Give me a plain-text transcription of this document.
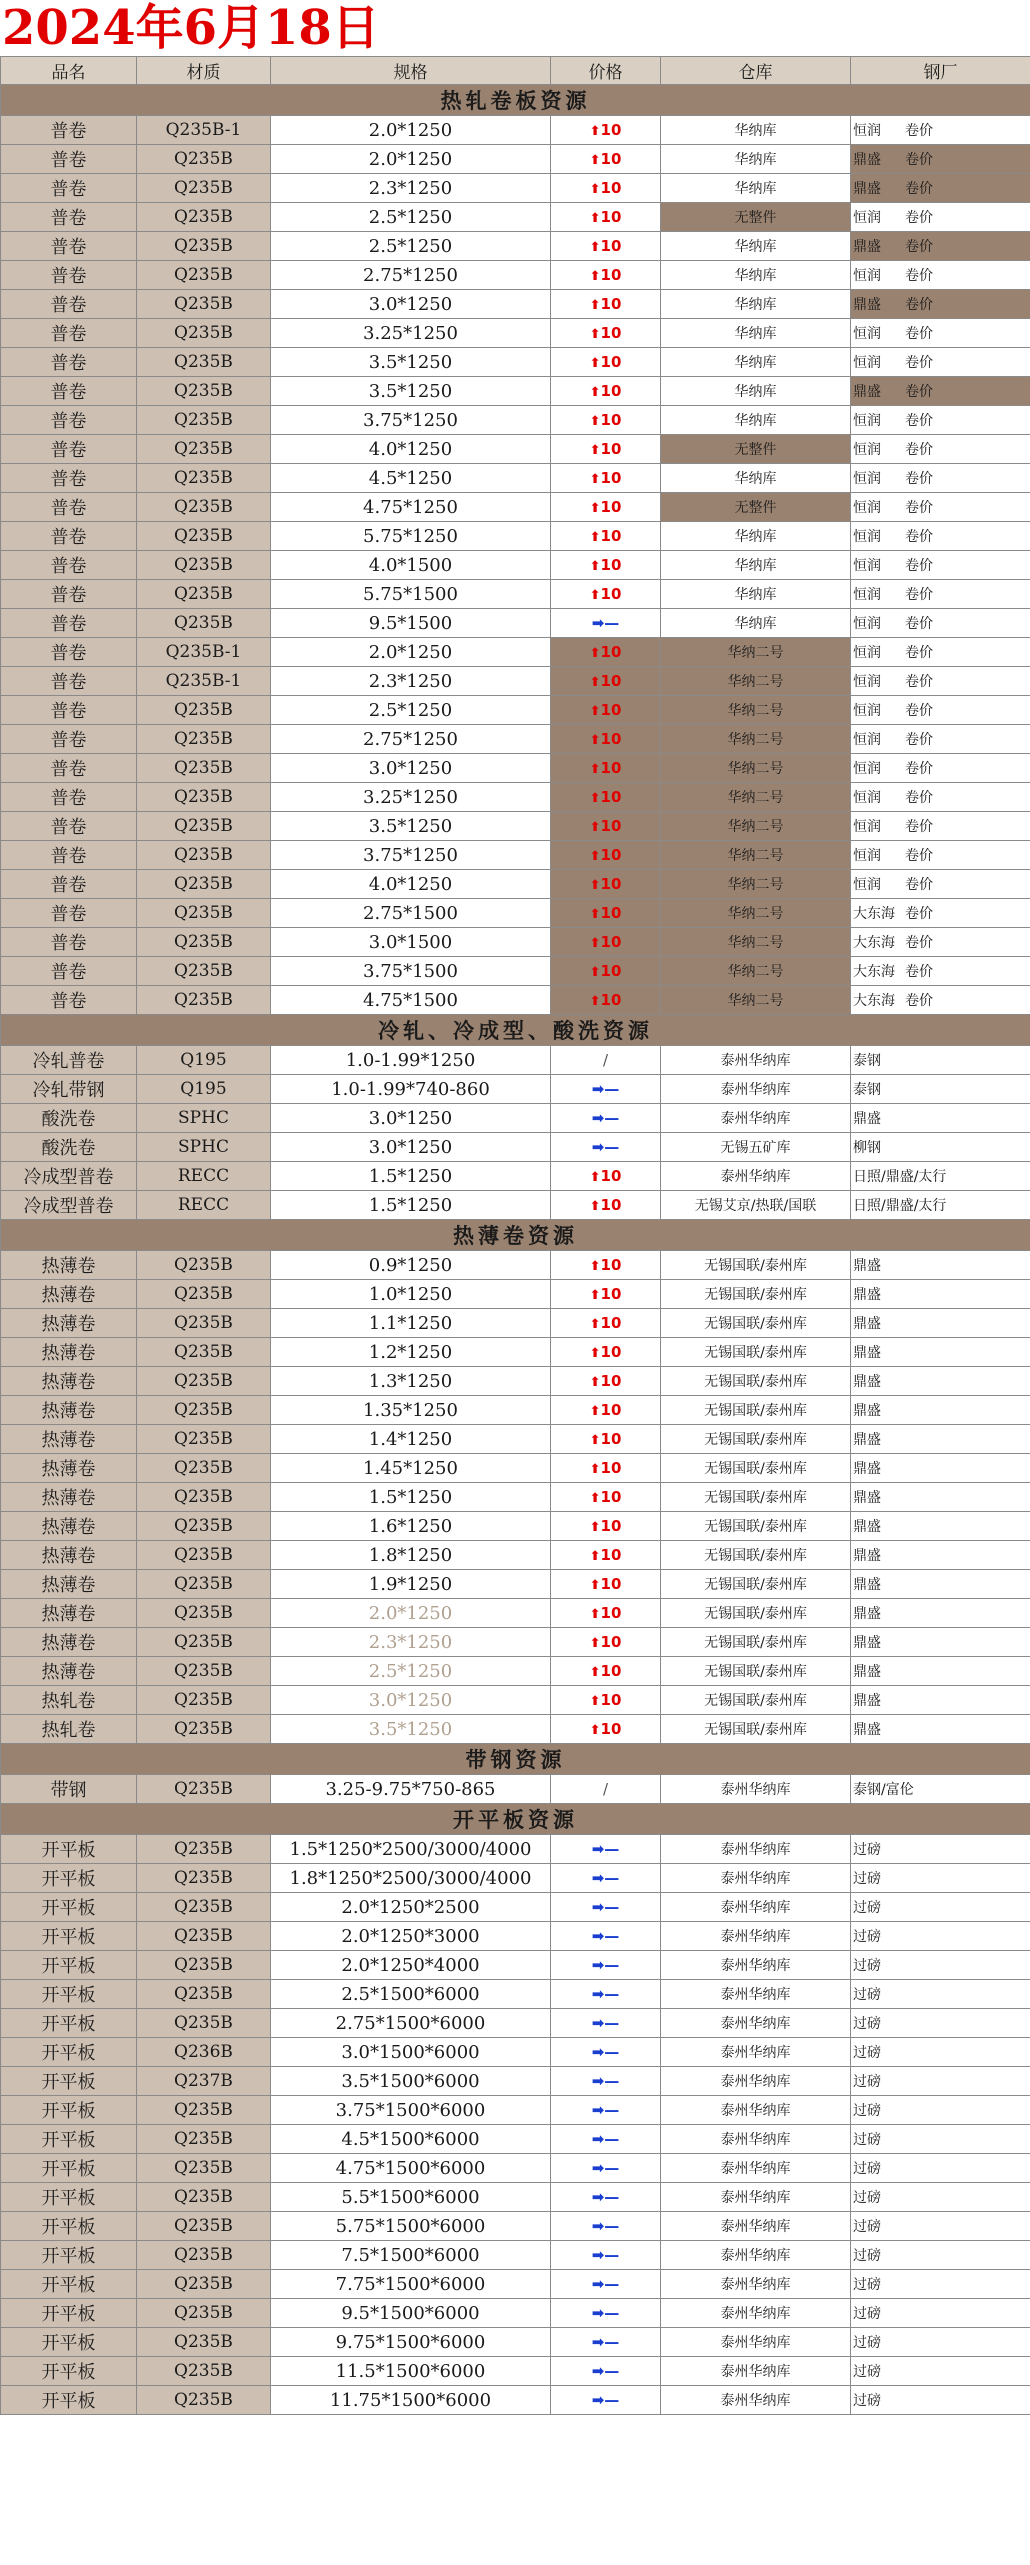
2024年6月18日
品名	材质	规格	价格	仓库	钢厂
热轧卷板资源					
普卷	Q235B-1	2.0*1250	⬆10	华纳库	恒润 卷价
普卷	Q235B	2.0*1250	⬆10	华纳库	鼎盛 卷价
普卷	Q235B	2.3*1250	⬆10	华纳库	鼎盛 卷价
普卷	Q235B	2.5*1250	⬆10	无整件	恒润 卷价
普卷	Q235B	2.5*1250	⬆10	华纳库	鼎盛 卷价
普卷	Q235B	2.75*1250	⬆10	华纳库	恒润 卷价
普卷	Q235B	3.0*1250	⬆10	华纳库	鼎盛 卷价
普卷	Q235B	3.25*1250	⬆10	华纳库	恒润 卷价
普卷	Q235B	3.5*1250	⬆10	华纳库	恒润 卷价
普卷	Q235B	3.5*1250	⬆10	华纳库	鼎盛 卷价
普卷	Q235B	3.75*1250	⬆10	华纳库	恒润 卷价
普卷	Q235B	4.0*1250	⬆10	无整件	恒润 卷价
普卷	Q235B	4.5*1250	⬆10	华纳库	恒润 卷价
普卷	Q235B	4.75*1250	⬆10	无整件	恒润 卷价
普卷	Q235B	5.75*1250	⬆10	华纳库	恒润 卷价
普卷	Q235B	4.0*1500	⬆10	华纳库	恒润 卷价
普卷	Q235B	5.75*1500	⬆10	华纳库	恒润 卷价
普卷	Q235B	9.5*1500	➡—	华纳库	恒润 卷价
普卷	Q235B-1	2.0*1250	⬆10	华纳二号	恒润 卷价
普卷	Q235B-1	2.3*1250	⬆10	华纳二号	恒润 卷价
普卷	Q235B	2.5*1250	⬆10	华纳二号	恒润 卷价
普卷	Q235B	2.75*1250	⬆10	华纳二号	恒润 卷价
普卷	Q235B	3.0*1250	⬆10	华纳二号	恒润 卷价
普卷	Q235B	3.25*1250	⬆10	华纳二号	恒润 卷价
普卷	Q235B	3.5*1250	⬆10	华纳二号	恒润 卷价
普卷	Q235B	3.75*1250	⬆10	华纳二号	恒润 卷价
普卷	Q235B	4.0*1250	⬆10	华纳二号	恒润 卷价
普卷	Q235B	2.75*1500	⬆10	华纳二号	大东海 卷价
普卷	Q235B	3.0*1500	⬆10	华纳二号	大东海 卷价
普卷	Q235B	3.75*1500	⬆10	华纳二号	大东海 卷价
普卷	Q235B	4.75*1500	⬆10	华纳二号	大东海 卷价
冷轧、冷成型、酸洗资源					
冷轧普卷	Q195	1.0-1.99*1250	/	泰州华纳库	泰钢
冷轧带钢	Q195	1.0-1.99*740-860	➡—	泰州华纳库	泰钢
酸洗卷	SPHC	3.0*1250	➡—	泰州华纳库	鼎盛
酸洗卷	SPHC	3.0*1250	➡—	无锡五矿库	柳钢
冷成型普卷	RECC	1.5*1250	⬆10	泰州华纳库	日照/鼎盛/太行
冷成型普卷	RECC	1.5*1250	⬆10	无锡艾京/热联/国联	日照/鼎盛/太行
热薄卷资源					
热薄卷	Q235B	0.9*1250	⬆10	无锡国联/泰州库	鼎盛
热薄卷	Q235B	1.0*1250	⬆10	无锡国联/泰州库	鼎盛
热薄卷	Q235B	1.1*1250	⬆10	无锡国联/泰州库	鼎盛
热薄卷	Q235B	1.2*1250	⬆10	无锡国联/泰州库	鼎盛
热薄卷	Q235B	1.3*1250	⬆10	无锡国联/泰州库	鼎盛
热薄卷	Q235B	1.35*1250	⬆10	无锡国联/泰州库	鼎盛
热薄卷	Q235B	1.4*1250	⬆10	无锡国联/泰州库	鼎盛
热薄卷	Q235B	1.45*1250	⬆10	无锡国联/泰州库	鼎盛
热薄卷	Q235B	1.5*1250	⬆10	无锡国联/泰州库	鼎盛
热薄卷	Q235B	1.6*1250	⬆10	无锡国联/泰州库	鼎盛
热薄卷	Q235B	1.8*1250	⬆10	无锡国联/泰州库	鼎盛
热薄卷	Q235B	1.9*1250	⬆10	无锡国联/泰州库	鼎盛
热薄卷	Q235B	2.0*1250	⬆10	无锡国联/泰州库	鼎盛
热薄卷	Q235B	2.3*1250	⬆10	无锡国联/泰州库	鼎盛
热薄卷	Q235B	2.5*1250	⬆10	无锡国联/泰州库	鼎盛
热轧卷	Q235B	3.0*1250	⬆10	无锡国联/泰州库	鼎盛
热轧卷	Q235B	3.5*1250	⬆10	无锡国联/泰州库	鼎盛
带钢资源					
带钢	Q235B	3.25-9.75*750-865	/	泰州华纳库	泰钢/富伦
开平板资源					
开平板	Q235B	1.5*1250*2500/3000/4000	➡—	泰州华纳库	过磅
开平板	Q235B	1.8*1250*2500/3000/4000	➡—	泰州华纳库	过磅
开平板	Q235B	2.0*1250*2500	➡—	泰州华纳库	过磅
开平板	Q235B	2.0*1250*3000	➡—	泰州华纳库	过磅
开平板	Q235B	2.0*1250*4000	➡—	泰州华纳库	过磅
开平板	Q235B	2.5*1500*6000	➡—	泰州华纳库	过磅
开平板	Q235B	2.75*1500*6000	➡—	泰州华纳库	过磅
开平板	Q236B	3.0*1500*6000	➡—	泰州华纳库	过磅
开平板	Q237B	3.5*1500*6000	➡—	泰州华纳库	过磅
开平板	Q235B	3.75*1500*6000	➡—	泰州华纳库	过磅
开平板	Q235B	4.5*1500*6000	➡—	泰州华纳库	过磅
开平板	Q235B	4.75*1500*6000	➡—	泰州华纳库	过磅
开平板	Q235B	5.5*1500*6000	➡—	泰州华纳库	过磅
开平板	Q235B	5.75*1500*6000	➡—	泰州华纳库	过磅
开平板	Q235B	7.5*1500*6000	➡—	泰州华纳库	过磅
开平板	Q235B	7.75*1500*6000	➡—	泰州华纳库	过磅
开平板	Q235B	9.5*1500*6000	➡—	泰州华纳库	过磅
开平板	Q235B	9.75*1500*6000	➡—	泰州华纳库	过磅
开平板	Q235B	11.5*1500*6000	➡—	泰州华纳库	过磅
开平板	Q235B	11.75*1500*6000	➡—	泰州华纳库	过磅
